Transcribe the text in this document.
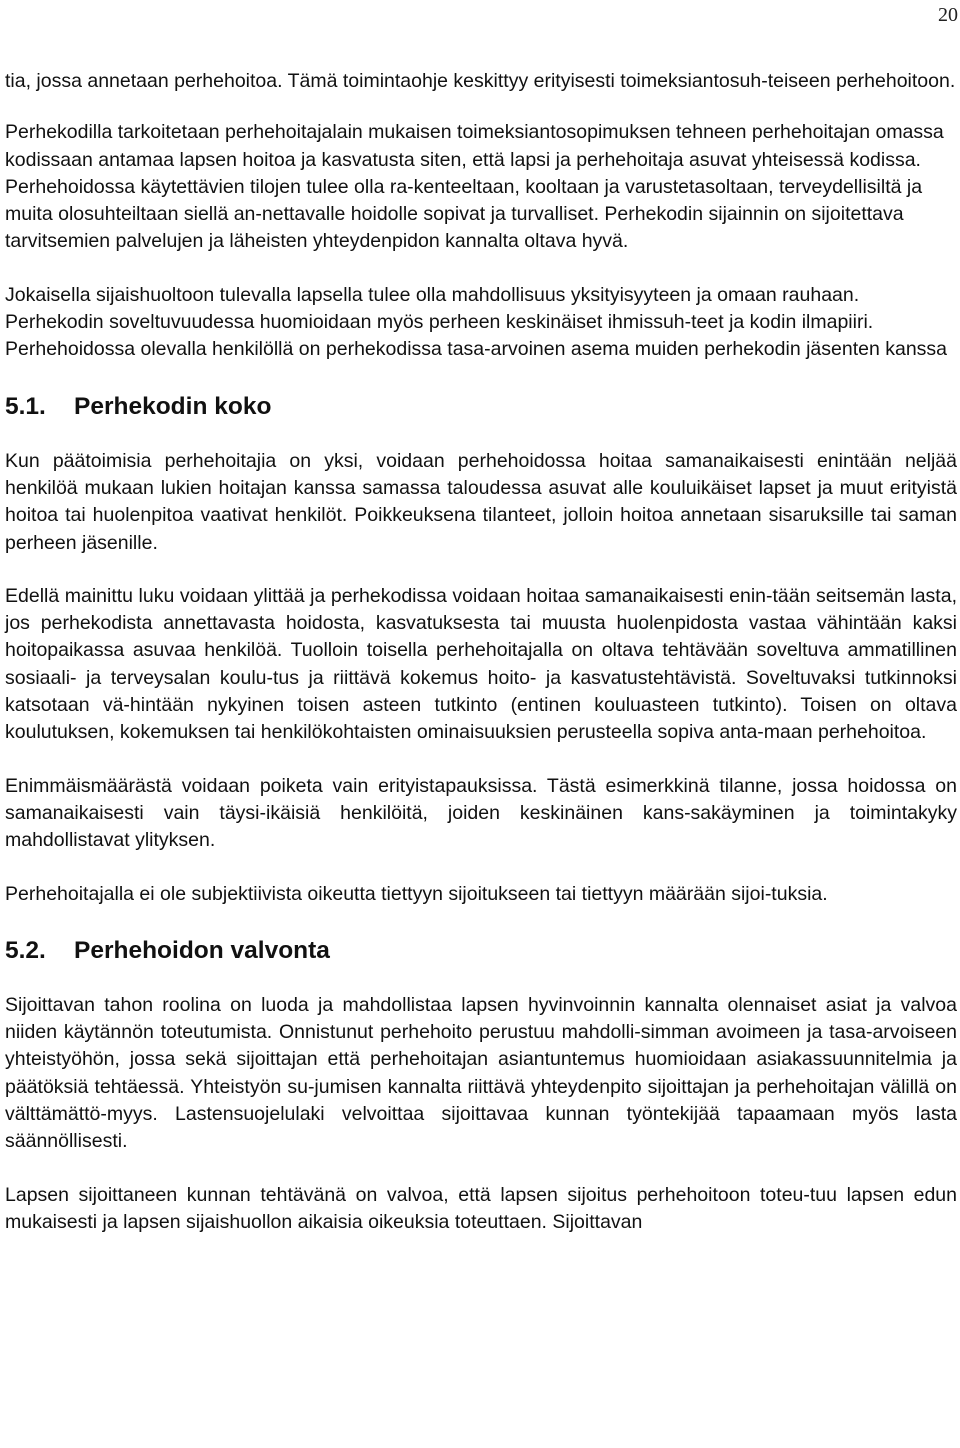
20

tia, jossa annetaan perhehoitoa. Tämä toimintaohje keskittyy erityisesti toimeksiantosuh-teiseen perhehoitoon.

Perhekodilla tarkoitetaan perhehoitajalain mukaisen toimeksiantosopimuksen tehneen perhehoitajan omassa kodissaan antamaa lapsen hoitoa ja kasvatusta siten, että lapsi ja perhehoitaja asuvat yhteisessä kodissa. Perhehoidossa käytettävien tilojen tulee olla ra-kenteeltaan, kooltaan ja varustetasoltaan, terveydellisiltä ja muita olosuhteiltaan siellä an-nettavalle hoidolle sopivat ja turvalliset. Perhekodin sijainnin on sijoitettava tarvitsemien palvelujen ja läheisten yhteydenpidon kannalta oltava hyvä.

Jokaisella sijaishuoltoon tulevalla lapsella tulee olla mahdollisuus yksityisyyteen ja omaan rauhaan. Perhekodin soveltuvuudessa huomioidaan myös perheen keskinäiset ihmissuh-teet ja kodin ilmapiiri. Perhehoidossa olevalla henkilöllä on perhekodissa tasa-arvoinen asema muiden perhekodin jäsenten kanssa

5.1.	Perhekodin koko

Kun päätoimisia perhehoitajia on yksi, voidaan perhehoidossa hoitaa samanaikaisesti enintään neljää henkilöä mukaan lukien hoitajan kanssa samassa taloudessa asuvat alle kouluikäiset lapset ja muut erityistä hoitoa tai huolenpitoa vaativat henkilöt. Poikkeuksena tilanteet, jolloin hoitoa annetaan sisaruksille tai saman perheen jäsenille.

Edellä mainittu luku voidaan ylittää ja perhekodissa voidaan hoitaa samanaikaisesti enin-tään seitsemän lasta, jos perhekodista annettavasta hoidosta, kasvatuksesta tai muusta huolenpidosta vastaa vähintään kaksi hoitopaikassa asuvaa henkilöä. Tuolloin toisella perhehoitajalla on oltava tehtävään soveltuva ammatillinen sosiaali- ja terveysalan koulu-tus ja riittävä kokemus hoito- ja kasvatustehtävistä. Soveltuvaksi tutkinnoksi katsotaan vä-hintään nykyinen toisen asteen tutkinto (entinen kouluasteen tutkinto). Toisen on oltava koulutuksen, kokemuksen tai henkilökohtaisten ominaisuuksien perusteella sopiva anta-maan perhehoitoa.

Enimmäismäärästä voidaan poiketa vain erityistapauksissa. Tästä esimerkkinä tilanne, jossa hoidossa on samanaikaisesti vain täysi-ikäisiä henkilöitä, joiden keskinäinen kans-sakäyminen ja toimintakyky mahdollistavat ylityksen.

Perhehoitajalla ei ole subjektiivista oikeutta tiettyyn sijoitukseen tai tiettyyn määrään sijoi-tuksia.

5.2.	Perhehoidon valvonta

Sijoittavan tahon roolina on luoda ja mahdollistaa lapsen hyvinvoinnin kannalta olennaiset asiat ja valvoa niiden käytännön toteutumista. Onnistunut perhehoito perustuu mahdolli-simman avoimeen ja tasa-arvoiseen yhteistyöhön, jossa sekä sijoittajan että perhehoitajan asiantuntemus huomioidaan asiakassuunnitelmia ja päätöksiä tehtäessä. Yhteistyön su-jumisen kannalta riittävä yhteydenpito sijoittajan ja perhehoitajan välillä on välttämättö-myys. Lastensuojelulaki velvoittaa sijoittavaa kunnan työntekijää tapaamaan myös lasta säännöllisesti.

Lapsen sijoittaneen kunnan tehtävänä on valvoa, että lapsen sijoitus perhehoitoon toteu-tuu lapsen edun mukaisesti ja lapsen sijaishuollon aikaisia oikeuksia toteuttaen. Sijoittavan
